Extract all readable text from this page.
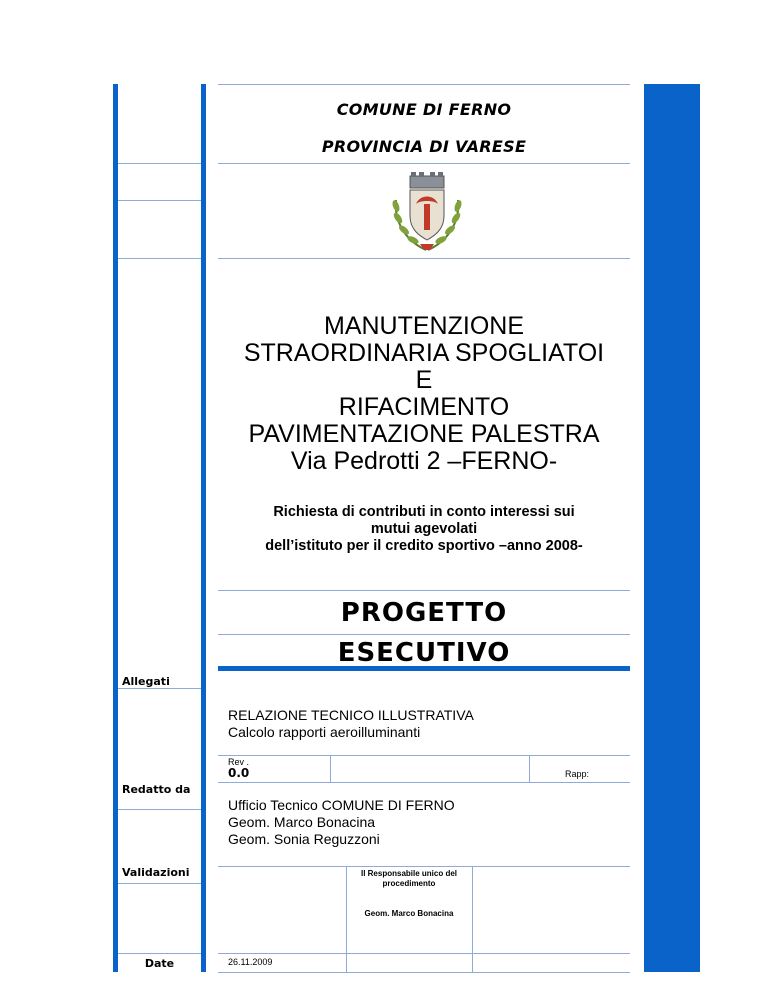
COMUNE DI FERNO
PROVINCIA DI VARESE
MANUTENZIONE
STRAORDINARIA SPOGLIATOI
E
RIFACIMENTO
PAVIMENTAZIONE PALESTRA
Via Pedrotti 2 –FERNO-
Richiesta di contributi in conto interessi sui
mutui agevolati
dell’istituto per il credito sportivo –anno 2008-
PROGETTO
ESECUTIVO
Allegati
Redatto da
Validazioni
Date
RELAZIONE TECNICO ILLUSTRATIVA
Calcolo rapporti aeroilluminanti
Rev .
0.0	Rapp:
Ufficio Tecnico COMUNE DI FERNO
Geom. Marco Bonacina
Geom. Sonia Reguzzoni
Il Responsabile unico del procedimento
Geom. Marco Bonacina
26.11.2009
